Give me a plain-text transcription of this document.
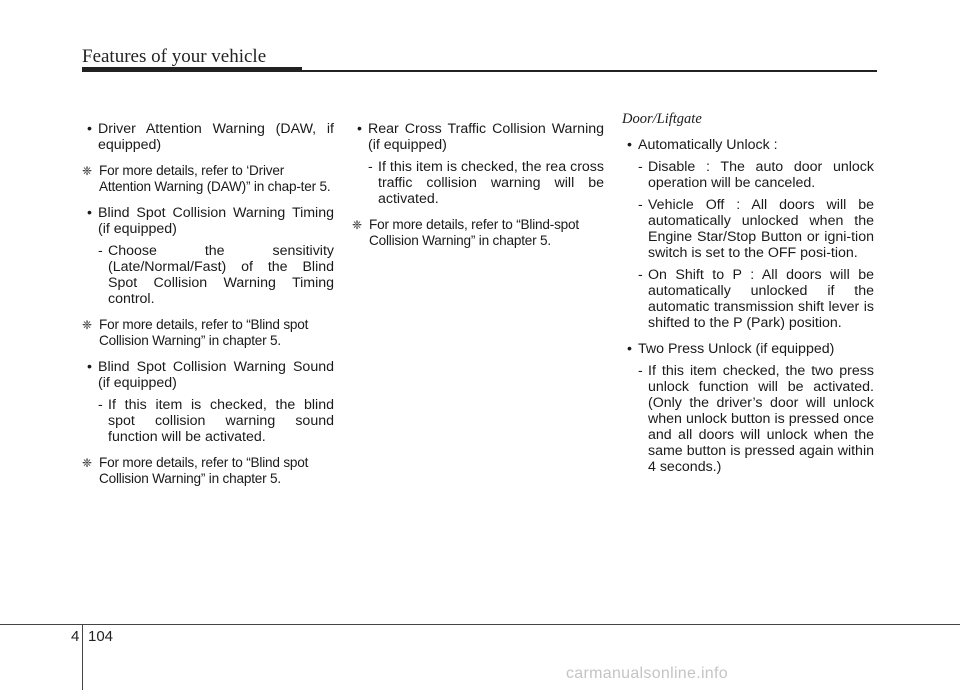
Features of your vehicle

• Driver Attention Warning (DAW, if equipped)

❈ For more details, refer to ‘Driver Attention Warning (DAW)” in chap-ter 5.

• Blind Spot Collision Warning Timing (if equipped)

- Choose the sensitivity (Late/Normal/Fast) of the Blind Spot Collision Warning Timing control.

❈ For more details, refer to “Blind spot Collision Warning” in chapter 5.

• Blind Spot Collision Warning Sound (if equipped)

- If this item is checked, the blind spot collision warning sound function will be activated.

❈ For more details, refer to “Blind spot Collision Warning” in chapter 5.

• Rear Cross Traffic Collision Warning (if equipped)

- If this item is checked, the rea cross traffic collision warning will be activated.

❈ For more details, refer to “Blind-spot Collision Warning” in chapter 5.

Door/Liftgate

• Automatically Unlock :

- Disable : The auto door unlock operation will be canceled.

- Vehicle Off : All doors will be automatically unlocked when the Engine Star/Stop Button or igni-tion switch is set to the OFF posi-tion.

- On Shift to P : All doors will be automatically unlocked if the automatic transmission shift lever is shifted to the P (Park) position.

• Two Press Unlock (if equipped)

- If this item checked, the two press unlock function will be activated. (Only the driver’s door will unlock when unlock button is pressed once and all doors will unlock when the same button is pressed again within 4 seconds.)

4 104
carmanualsonline.info
